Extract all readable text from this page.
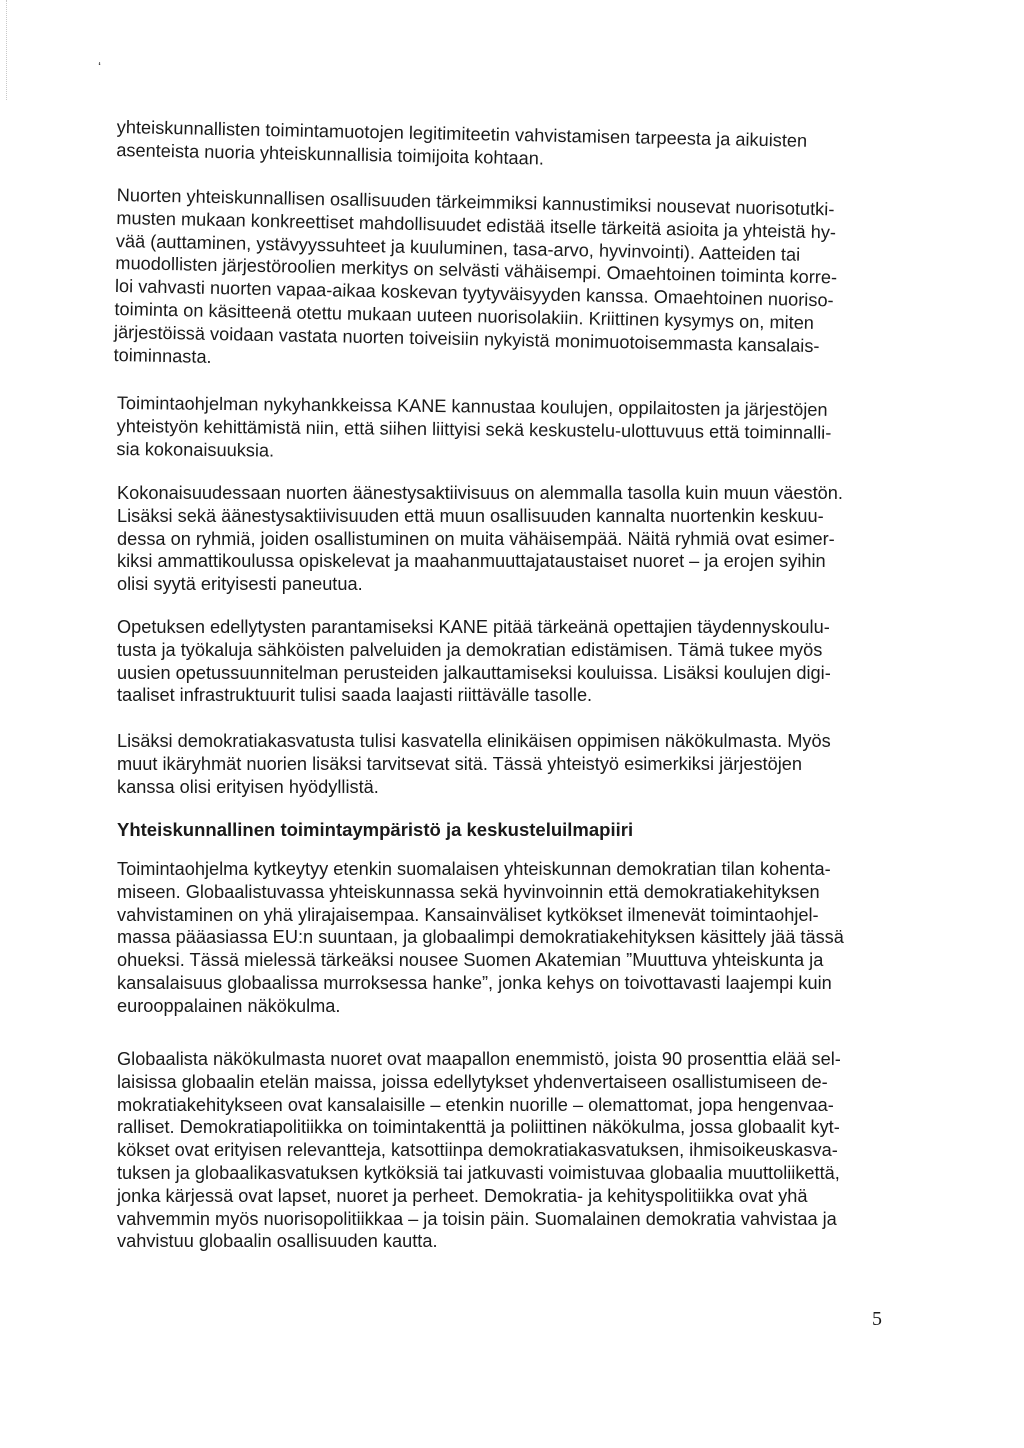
ʻ

yhteiskunnallisten toimintamuotojen legitimiteetin vahvistamisen tarpeesta ja aikuisten
asenteista nuoria yhteiskunnallisia toimijoita kohtaan.

Nuorten yhteiskunnallisen osallisuuden tärkeimmiksi kannustimiksi nousevat nuorisotutki-
musten mukaan konkreettiset mahdollisuudet edistää itselle tärkeitä asioita ja yhteistä hy-
vää (auttaminen, ystävyyssuhteet ja kuuluminen, tasa-arvo, hyvinvointi). Aatteiden tai
muodollisten järjestöroolien merkitys on selvästi vähäisempi. Omaehtoinen toiminta korre-
loi vahvasti nuorten vapaa-aikaa koskevan tyytyväisyyden kanssa. Omaehtoinen nuoriso-
toiminta on käsitteenä otettu mukaan uuteen nuorisolakiin. Kriittinen kysymys on, miten
järjestöissä voidaan vastata nuorten toiveisiin nykyistä monimuotoisemmasta kansalais-
toiminnasta.

Toimintaohjelman nykyhankkeissa KANE kannustaa koulujen, oppilaitosten ja järjestöjen
yhteistyön kehittämistä niin, että siihen liittyisi sekä keskustelu-ulottuvuus että toiminnalli-
sia kokonaisuuksia.

Kokonaisuudessaan nuorten äänestysaktiivisuus on alemmalla tasolla kuin muun väestön.
Lisäksi sekä äänestysaktiivisuuden että muun osallisuuden kannalta nuortenkin keskuu-
dessa on ryhmiä, joiden osallistuminen on muita vähäisempää. Näitä ryhmiä ovat esimer-
kiksi ammattikoulussa opiskelevat ja maahanmuuttajataustaiset nuoret – ja erojen syihin
olisi syytä erityisesti paneutua.

Opetuksen edellytysten parantamiseksi KANE pitää tärkeänä opettajien täydennyskoulu-
tusta ja työkaluja sähköisten palveluiden ja demokratian edistämisen. Tämä tukee myös
uusien opetussuunnitelman perusteiden jalkauttamiseksi kouluissa. Lisäksi koulujen digi-
taaliset infrastruktuurit tulisi saada laajasti riittävälle tasolle.

Lisäksi demokratiakasvatusta tulisi kasvatella elinikäisen oppimisen näkökulmasta. Myös
muut ikäryhmät nuorien lisäksi tarvitsevat sitä. Tässä yhteistyö esimerkiksi järjestöjen
kanssa olisi erityisen hyödyllistä.

Yhteiskunnallinen toimintaympäristö ja keskusteluilmapiiri

Toimintaohjelma kytkeytyy etenkin suomalaisen yhteiskunnan demokratian tilan kohenta-
miseen. Globaalistuvassa yhteiskunnassa sekä hyvinvoinnin että demokratiakehityksen
vahvistaminen on yhä ylirajaisempaa. Kansainväliset kytkökset ilmenevät toimintaohjel-
massa pääasiassa EU:n suuntaan, ja globaalimpi demokratiakehityksen käsittely jää tässä
ohueksi. Tässä mielessä tärkeäksi nousee Suomen Akatemian ”Muuttuva yhteiskunta ja
kansalaisuus globaalissa murroksessa hanke”, jonka kehys on toivottavasti laajempi kuin
eurooppalainen näkökulma.

Globaalista näkökulmasta nuoret ovat maapallon enemmistö, joista 90 prosenttia elää sel-
laisissa globaalin etelän maissa, joissa edellytykset yhdenvertaiseen osallistumiseen de-
mokratiakehitykseen ovat kansalaisille – etenkin nuorille – olemattomat, jopa hengenvaa-
ralliset. Demokratiapolitiikka on toimintakenttä ja poliittinen näkökulma, jossa globaalit kyt-
kökset ovat erityisen relevantteja, katsottiinpa demokratiakasvatuksen, ihmisoikeuskasva-
tuksen ja globaalikasvatuksen kytköksiä tai jatkuvasti voimistuvaa globaalia muuttoliikettä,
jonka kärjessä ovat lapset, nuoret ja perheet. Demokratia- ja kehityspolitiikka ovat yhä
vahvemmin myös nuorisopolitiikkaa – ja toisin päin. Suomalainen demokratia vahvistaa ja
vahvistuu globaalin osallisuuden kautta.

5
